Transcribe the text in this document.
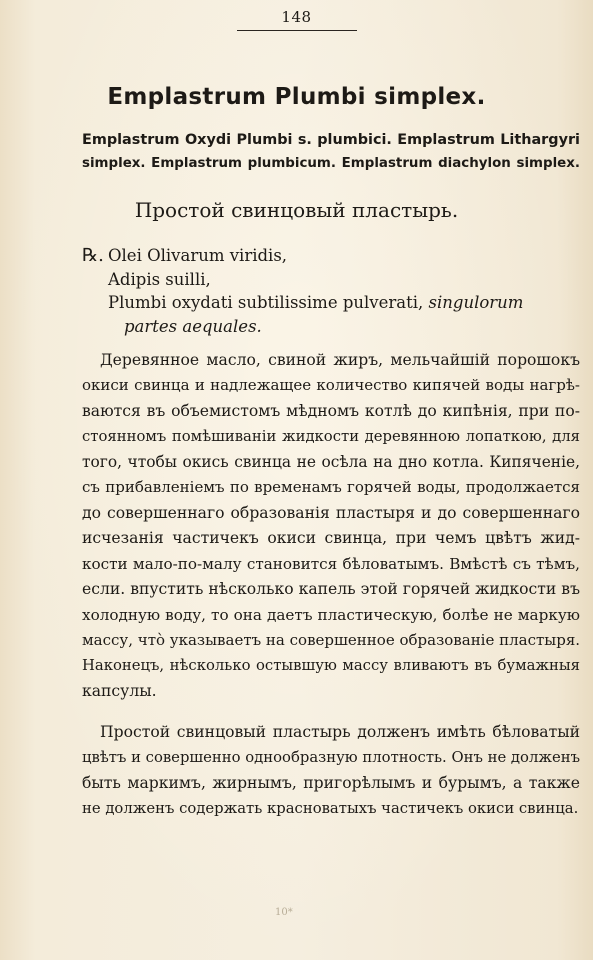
148
Emplastrum Plumbi simplex.
Emplastrum Oxydi Plumbi s. plumbici. Emplastrum Lithargyri
simplex. Emplastrum plumbicum. Emplastrum diachylon simplex.
Простой свинцовый пластырь.
℞. Olei Olivarum viridis,
Adipis suilli,
Plumbi oxydati subtilissime pulverati, singulorum
partes aequales.
Деревянное масло, свиной жиръ, мельчайшiй порошокъ
окиси свинца и надлежащее количество кипячей воды нагрѣ-
ваются въ объемистомъ мѣдномъ котлѣ до кипѣнiя, при по-
стоянномъ помѣшиванiи жидкости деревянною лопаткою, для
того, чтобы окись свинца не осѣла на дно котла. Кипяченiе,
съ прибавленiемъ по временамъ горячей воды, продолжается
до совершеннаго образованiя пластыря и до совершеннаго
исчезанiя частичекъ окиси свинца, при чемъ цвѣтъ жид-
кости мало-по-малу становится бѣловатымъ. Вмѣстѣ съ тѣмъ,
если. впустить нѣсколько капель этой горячей жидкости въ
холодную воду, то она даетъ пластическую, болѣе не маркую
массу, чтò указываетъ на совершенное образованiе пластыря.
Наконецъ, нѣсколько остывшую массу вливаютъ въ бумажныя
капсулы.
Простой свинцовый пластырь долженъ имѣть бѣловатый
цвѣтъ и совершенно однообразную плотность. Онъ не долженъ
быть маркимъ, жирнымъ, пригорѣлымъ и бурымъ, а также
не долженъ содержать красноватыхъ частичекъ окиси свинца.
10*
